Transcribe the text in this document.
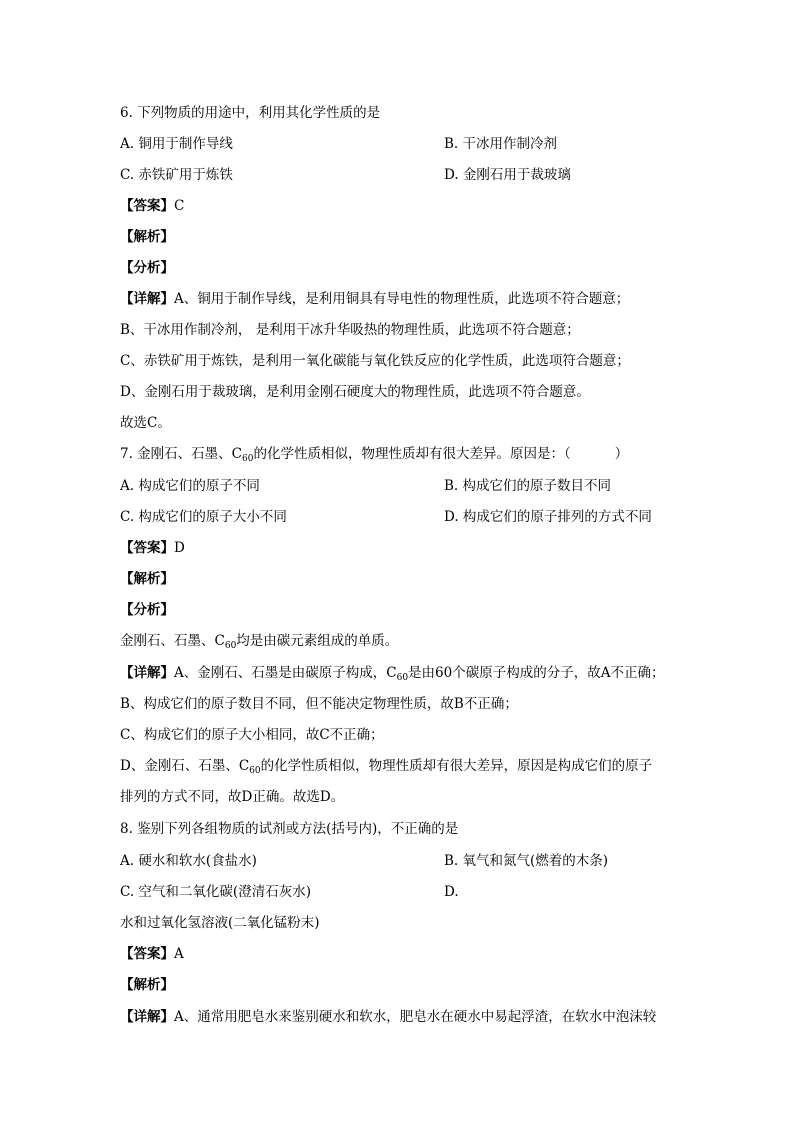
6. 下列物质的用途中，利用其化学性质的是
A. 铜用于制作导线	B. 干冰用作制冷剂
C. 赤铁矿用于炼铁	D. 金刚石用于裁玻璃
【答案】C
【解析】
【分析】
【详解】A、铜用于制作导线，是利用铜具有导电性的物理性质，此选项不符合题意；
B、干冰用作制冷剂， 是利用干冰升华吸热的物理性质，此选项不符合题意；
C、赤铁矿用于炼铁，是利用一氧化碳能与氧化铁反应的化学性质，此选项符合题意；
D、金刚石用于裁玻璃，是利用金刚石硬度大的物理性质，此选项不符合题意。
故选C。
7. 金刚石、石墨、$C_{60}$的化学性质相似，物理性质却有很大差异。原因是：（	）
A. 构成它们的原子不同	B. 构成它们的原子数目不同
C. 构成它们的原子大小不同	D. 构成它们的原子排列的方式不同
【答案】D
【解析】
【分析】
金刚石、石墨、$C_{60}$均是由碳元素组成的单质。
【详解】A、金刚石、石墨是由碳原子构成，$C_{60}$是由60个碳原子构成的分子，故A不正确；
B、构成它们的原子数目不同，但不能决定物理性质，故B不正确；
C、构成它们的原子大小相同，故C不正确；
D、金刚石、石墨、$C_{60}$的化学性质相似，物理性质却有很大差异，原因是构成它们的原子
排列的方式不同，故D正确。故选D。
8. 鉴别下列各组物质的试剂或方法(括号内)，不正确的是
A. 硬水和软水(食盐水)	B. 氧气和氮气(燃着的木条)
C. 空气和二氧化碳(澄清石灰水)	D.
水和过氧化氢溶液(二氧化锰粉末)
【答案】A
【解析】
【详解】A、通常用肥皂水来鉴别硬水和软水，肥皂水在硬水中易起浮渣，在软水中泡沫较
